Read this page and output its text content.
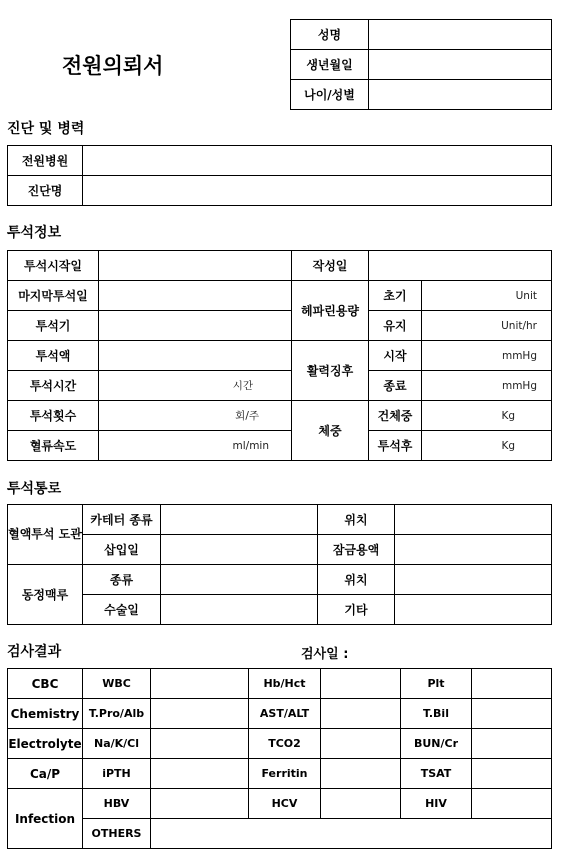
전원의뢰서
성명	
생년월일	
나이/성별	
진단 및 병력
전원병원	
진단명	
투석정보
투석시작일		작성일		
마지막투석일		헤파린용량	초기	Unit
투석기			유지	Unit/hr
투석액		활력징후	시작	mmHg
투석시간	시간		종료	mmHg
투석횟수	회/주	체중	건체중	Kg
혈류속도	ml/min		투석후	Kg
투석통로
혈액투석 도관	카테터 종류		위치	
	삽입일		잠금용액	
동정맥루	종류		위치	
	수술일		기타	
검사결과	검사일 :
CBC	WBC		Hb/Hct		Plt	
Chemistry	T.Pro/Alb		AST/ALT		T.Bil	
Electrolyte	Na/K/Cl		TCO2		BUN/Cr	
Ca/P	iPTH		Ferritin		TSAT	
Infection	HBV		HCV		HIV	
	OTHERS					
